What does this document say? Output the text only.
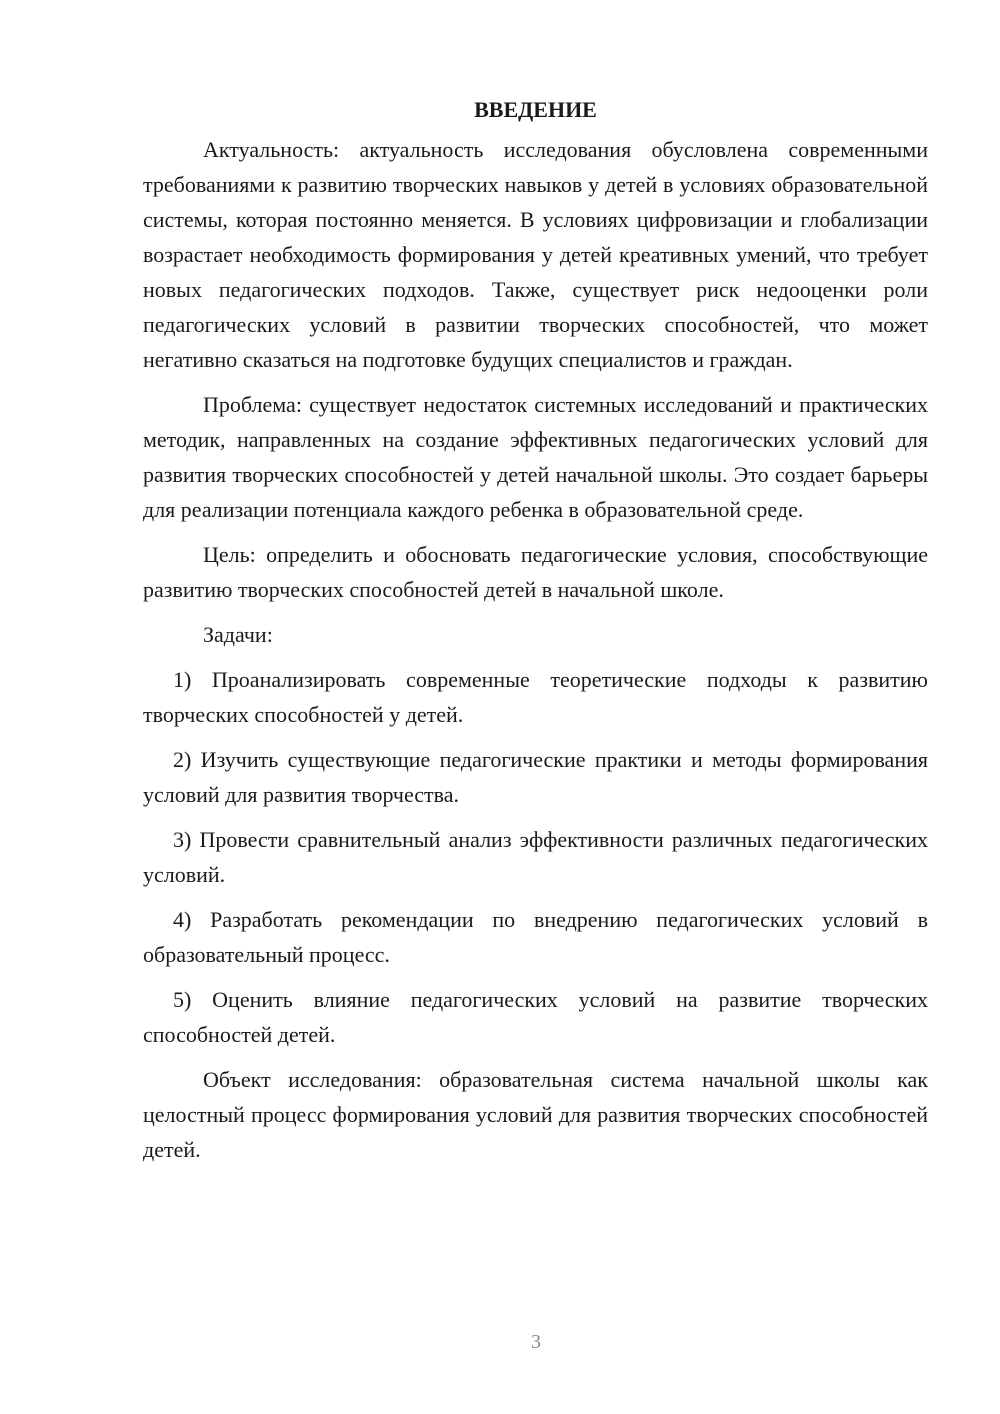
ВВЕДЕНИЕ

Актуальность: актуальность исследования обусловлена современными требованиями к развитию творческих навыков у детей в условиях образовательной системы, которая постоянно меняется. В условиях цифровизации и глобализации возрастает необходимость формирования у детей креативных умений, что требует новых педагогических подходов. Также, существует риск недооценки роли педагогических условий в развитии творческих способностей, что может негативно сказаться на подготовке будущих специалистов и граждан.

Проблема: существует недостаток системных исследований и практических методик, направленных на создание эффективных педагогических условий для развития творческих способностей у детей начальной школы. Это создает барьеры для реализации потенциала каждого ребенка в образовательной среде.

Цель: определить и обосновать педагогические условия, способствующие развитию творческих способностей детей в начальной школе.

Задачи:

1) Проанализировать современные теоретические подходы к развитию творческих способностей у детей.

2) Изучить существующие педагогические практики и методы формирования условий для развития творчества.

3) Провести сравнительный анализ эффективности различных педагогических условий.

4) Разработать рекомендации по внедрению педагогических условий в образовательный процесс.

5) Оценить влияние педагогических условий на развитие творческих способностей детей.

Объект исследования: образовательная система начальной школы как целостный процесс формирования условий для развития творческих способностей детей.

3
